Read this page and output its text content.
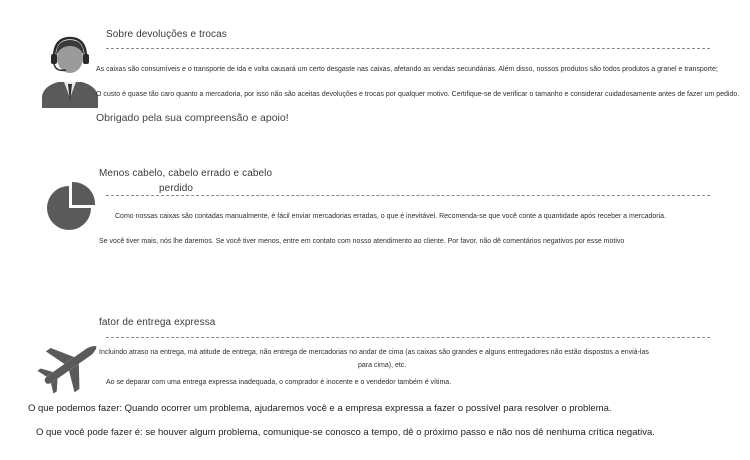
Sobre devoluções e trocas
As caixas são consumíveis e o transporte de ida e volta causará um certo desgaste nas caixas, afetando as vendas secundárias. Além disso, nossos produtos são todos produtos a granel e transporte;
O custo é quase tão caro quanto a mercadoria, por isso não são aceitas devoluções e trocas por qualquer motivo. Certifique-se de verificar o tamanho e considerar cuidadosamente antes de fazer um pedido.
Obrigado pela sua compreensão e apoio!
Menos cabelo, cabelo errado e cabelo
perdido
Como nossas caixas são contadas manualmente, é fácil enviar mercadorias erradas, o que é inevitável. Recomenda-se que você conte a quantidade após receber a mercadoria.
Se você tiver mais, nós lhe daremos. Se você tiver menos, entre em contato com nosso atendimento ao cliente. Por favor, não dê comentários negativos por esse motivo
fator de entrega expressa
Incluindo atraso na entrega, má atitude de entrega, não entrega de mercadorias no andar de cima (as caixas são grandes e alguns entregadores não estão dispostos a enviá-las
para cima), etc.
Ao se deparar com uma entrega expressa inadequada, o comprador é inocente e o vendedor também é vítima.
O que podemos fazer: Quando ocorrer um problema, ajudaremos você e a empresa expressa a fazer o possível para resolver o problema.
O que você pode fazer é: se houver algum problema, comunique-se conosco a tempo, dê o próximo passo e não nos dê nenhuma crítica negativa.
